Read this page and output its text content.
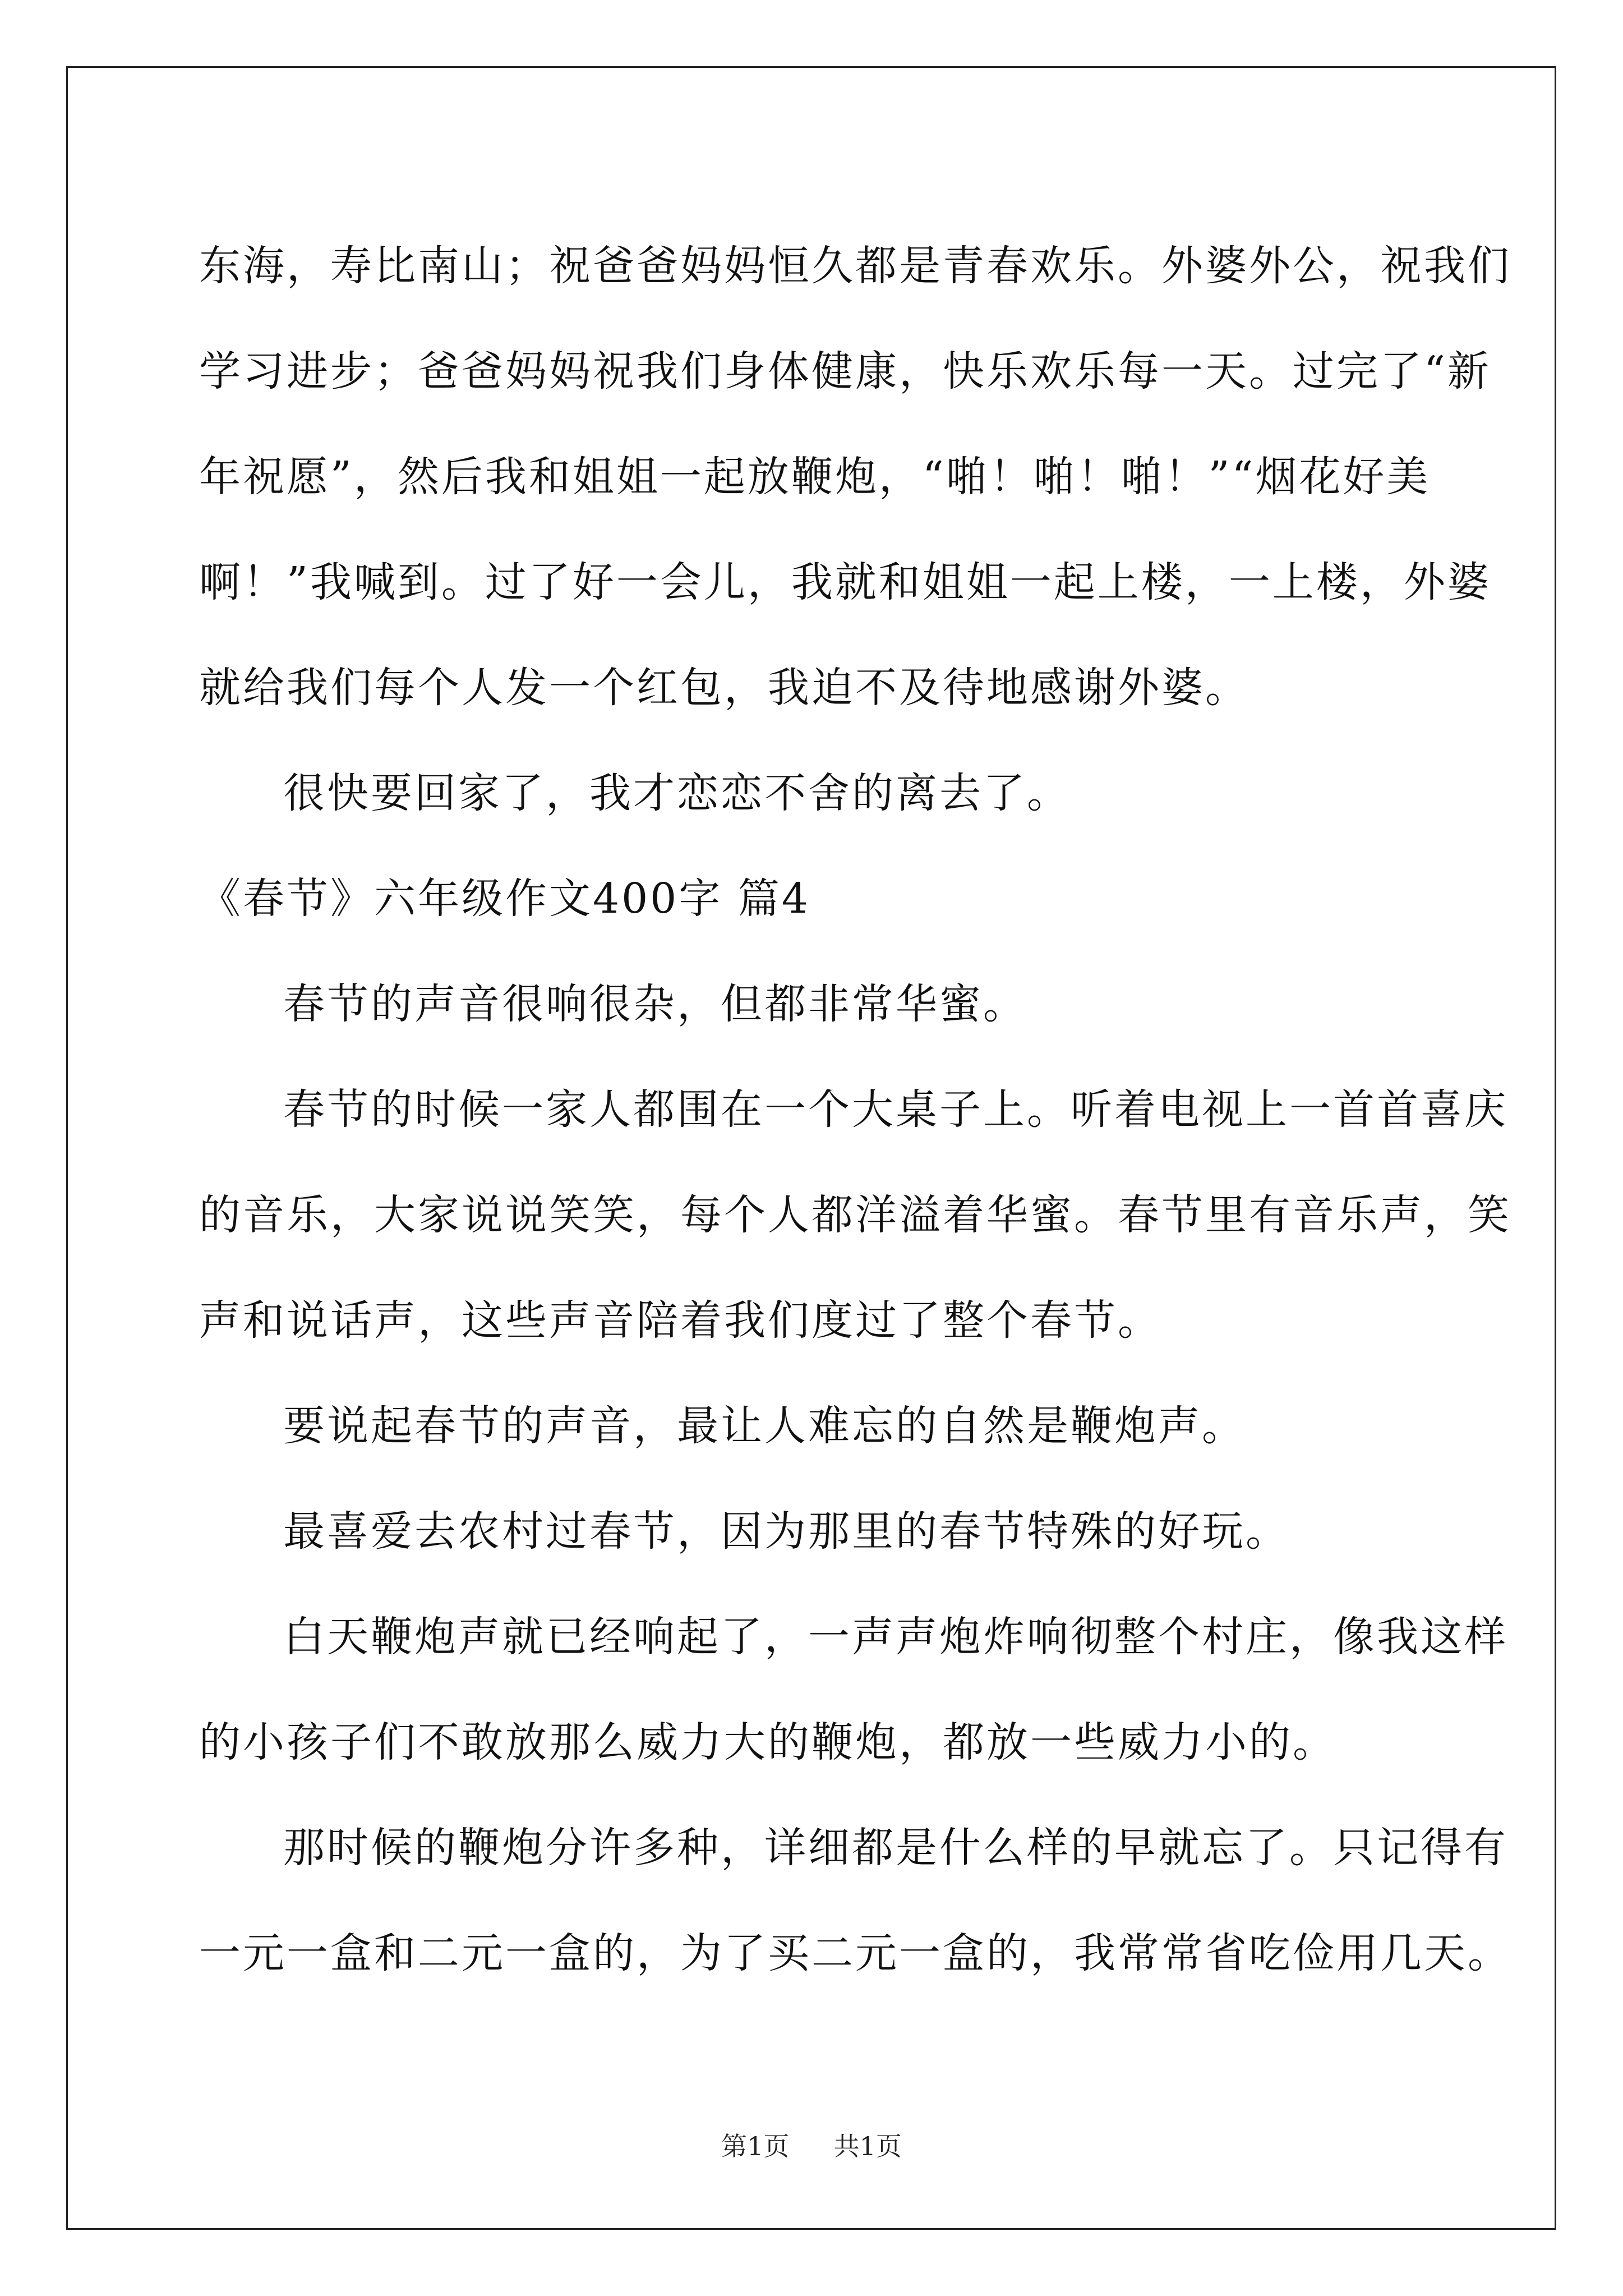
东海，寿比南山；祝爸爸妈妈恒久都是青春欢乐。外婆外公，祝我们
学习进步；爸爸妈妈祝我们身体健康，快乐欢乐每一天。过完了“新
年祝愿”，然后我和姐姐一起放鞭炮，“啪！啪！啪！”“烟花好美
啊！”我喊到。过了好一会儿，我就和姐姐一起上楼，一上楼，外婆
就给我们每个人发一个红包，我迫不及待地感谢外婆。
很快要回家了，我才恋恋不舍的离去了。
《春节》六年级作文400字 篇4
春节的声音很响很杂，但都非常华蜜。
春节的时候一家人都围在一个大桌子上。听着电视上一首首喜庆
的音乐，大家说说笑笑，每个人都洋溢着华蜜。春节里有音乐声，笑
声和说话声，这些声音陪着我们度过了整个春节。
要说起春节的声音，最让人难忘的自然是鞭炮声。
最喜爱去农村过春节，因为那里的春节特殊的好玩。
白天鞭炮声就已经响起了，一声声炮炸响彻整个村庄，像我这样
的小孩子们不敢放那么威力大的鞭炮，都放一些威力小的。
那时候的鞭炮分许多种，详细都是什么样的早就忘了。只记得有
一元一盒和二元一盒的，为了买二元一盒的，我常常省吃俭用几天。
第1页 共1页
